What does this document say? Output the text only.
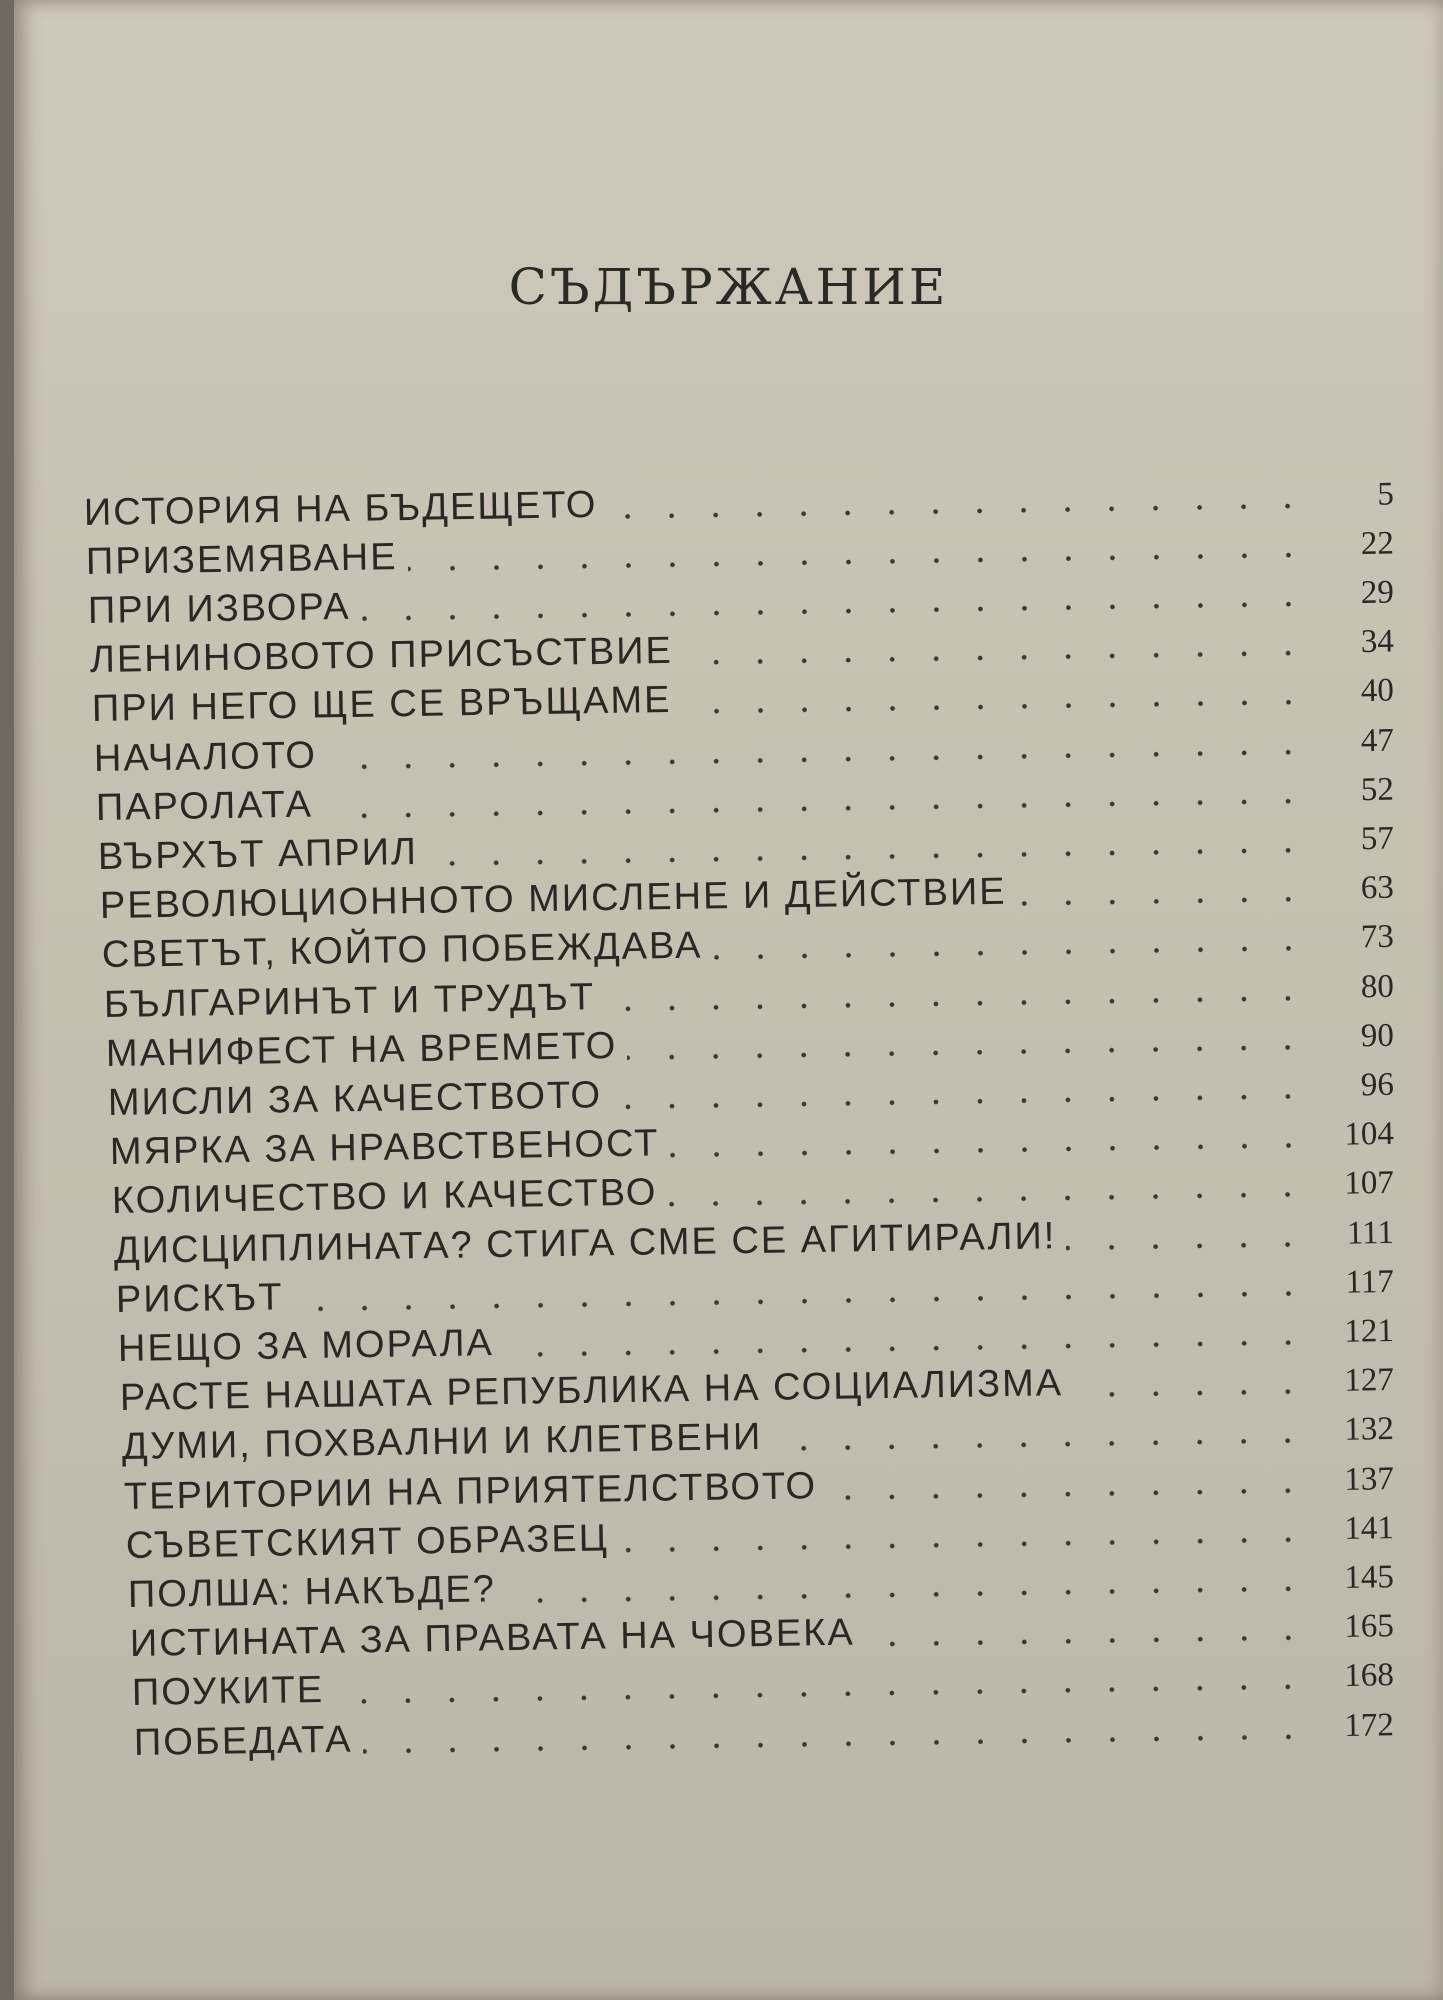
СЪДЪРЖАНИЕ
ИСТОРИЯ НА БЪДЕЩЕТО	5
ПРИЗЕМЯВАНЕ	22
ПРИ ИЗВОРА	29
ЛЕНИНОВОТО ПРИСЪСТВИЕ	34
ПРИ НЕГО ЩЕ СЕ ВРЪЩАМЕ	40
НАЧАЛОТО	47
ПАРОЛАТА	52
ВЪРХЪТ АПРИЛ	57
РЕВОЛЮЦИОННОТО МИСЛЕНЕ И ДЕЙСТВИЕ	63
СВЕТЪТ, КОЙТО ПОБЕЖДАВА	73
БЪЛГАРИНЪТ И ТРУДЪТ	80
МАНИФЕСТ НА ВРЕМЕТО	90
МИСЛИ ЗА КАЧЕСТВОТО	96
МЯРКА ЗА НРАВСТВЕНОСТ	104
КОЛИЧЕСТВО И КАЧЕСТВО	107
ДИСЦИПЛИНАТА? СТИГА СМЕ СЕ АГИТИРАЛИ!	111
РИСКЪТ	117
НЕЩО ЗА МОРАЛА	121
РАСТЕ НАШАТА РЕПУБЛИКА НА СОЦИАЛИЗМА	127
ДУМИ, ПОХВАЛНИ И КЛЕТВЕНИ	132
ТЕРИТОРИИ НА ПРИЯТЕЛСТВОТО	137
СЪВЕТСКИЯТ ОБРАЗЕЦ	141
ПОЛША: НАКЪДЕ?	145
ИСТИНАТА ЗА ПРАВАТА НА ЧОВЕКА	165
ПОУКИТЕ	168
ПОБЕДАТА	172
